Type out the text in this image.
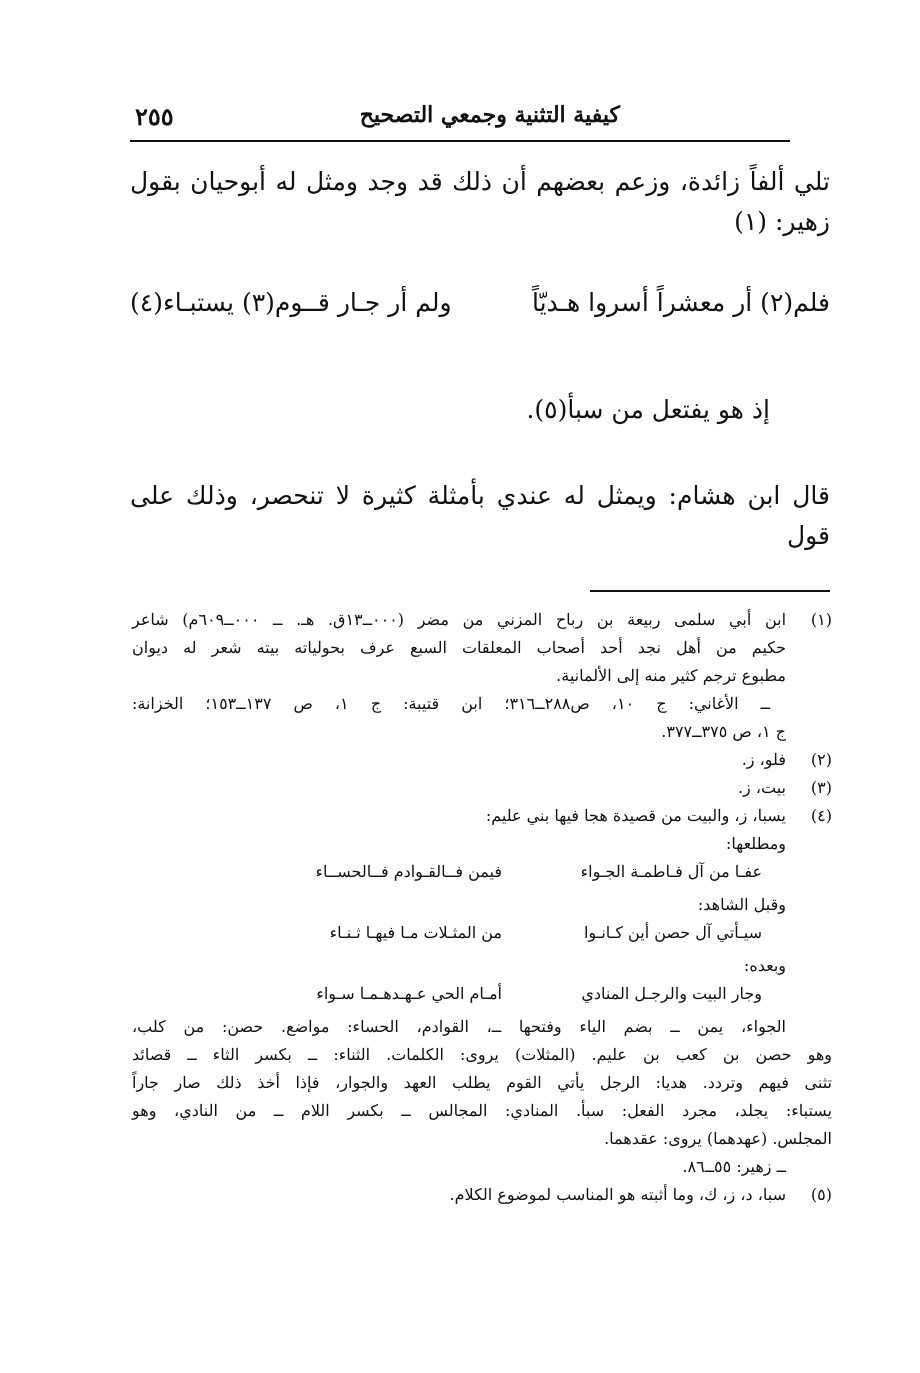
كيفية التثنية وجمعي التصحيح
٢٥٥
تلي ألفاً زائدة، وزعم بعضهم أن ذلك قد وجد ومثل له أبوحيان بقول زهير: (١)
فلم(٢) أر معشراً أسروا هـديّاً
ولم أر جـار قــوم(٣) يستبـاء(٤)
إذ هو يفتعل من سبأ(٥).
قال ابن هشام: ويمثل له عندي بأمثلة كثيرة لا تنحصر، وذلك على قول
(١)
ابن أبي سلمى ربيعة بن رباح المزني من مضر (٠٠٠ــ١٣ق. هـ. ــ ٠٠٠ــ٦٠٩م) شاعر
حكيم من أهل نجد أحد أصحاب المعلقات السبع عرف بحولياته بيته شعر له ديوان
مطبوع ترجم كثير منه إلى الألمانية.
ــ الأغاني: ج ١٠، ص٢٨٨ــ٣١٦؛ ابن قتيبة: ج ١، ص ١٣٧ــ١٥٣؛ الخزانة:
ج ١، ص ٣٧٥ــ٣٧٧.
(٢)
فلو، ز.
(٣)
بيت، ز.
(٤)
يسبا، ز، والبيت من قصيدة هجا فيها بني عليم:
ومطلعها:
عفـا من آل فـاطمـة الجـواء
فيمن فــالقـوادم فــالحســاء
وقبل الشاهد:
سيـأتي آل حصن أين كـانـوا
من المثـلات مـا فيهـا ثـنـاء
وبعده:
وجار البيت والرجـل المنادي
أمـام الحي عـهـدهـمـا سـواء
الجواء، يمن ــ بضم الياء وفتحها ــ، القوادم، الحساء: مواضع. حصن: من كلب،
وهو حصن بن كعب بن عليم. (المثلات) يروى: الكلمات. الثناء: ــ بكسر الثاء ــ قصائد
تثنى فيهم وتردد. هديا: الرجل يأتي القوم يطلب العهد والجوار، فإذا أخذ ذلك صار جاراً
يستباء: يجلد، مجرد الفعل: سبأ. المنادي: المجالس ــ بكسر اللام ــ من النادي، وهو
المجلس. (عهدهما) يروى: عقدهما.
ــ زهير: ٥٥ــ٨٦.
(٥)
سبا، د، ز، ك، وما أثبته هو المناسب لموضوع الكلام.
